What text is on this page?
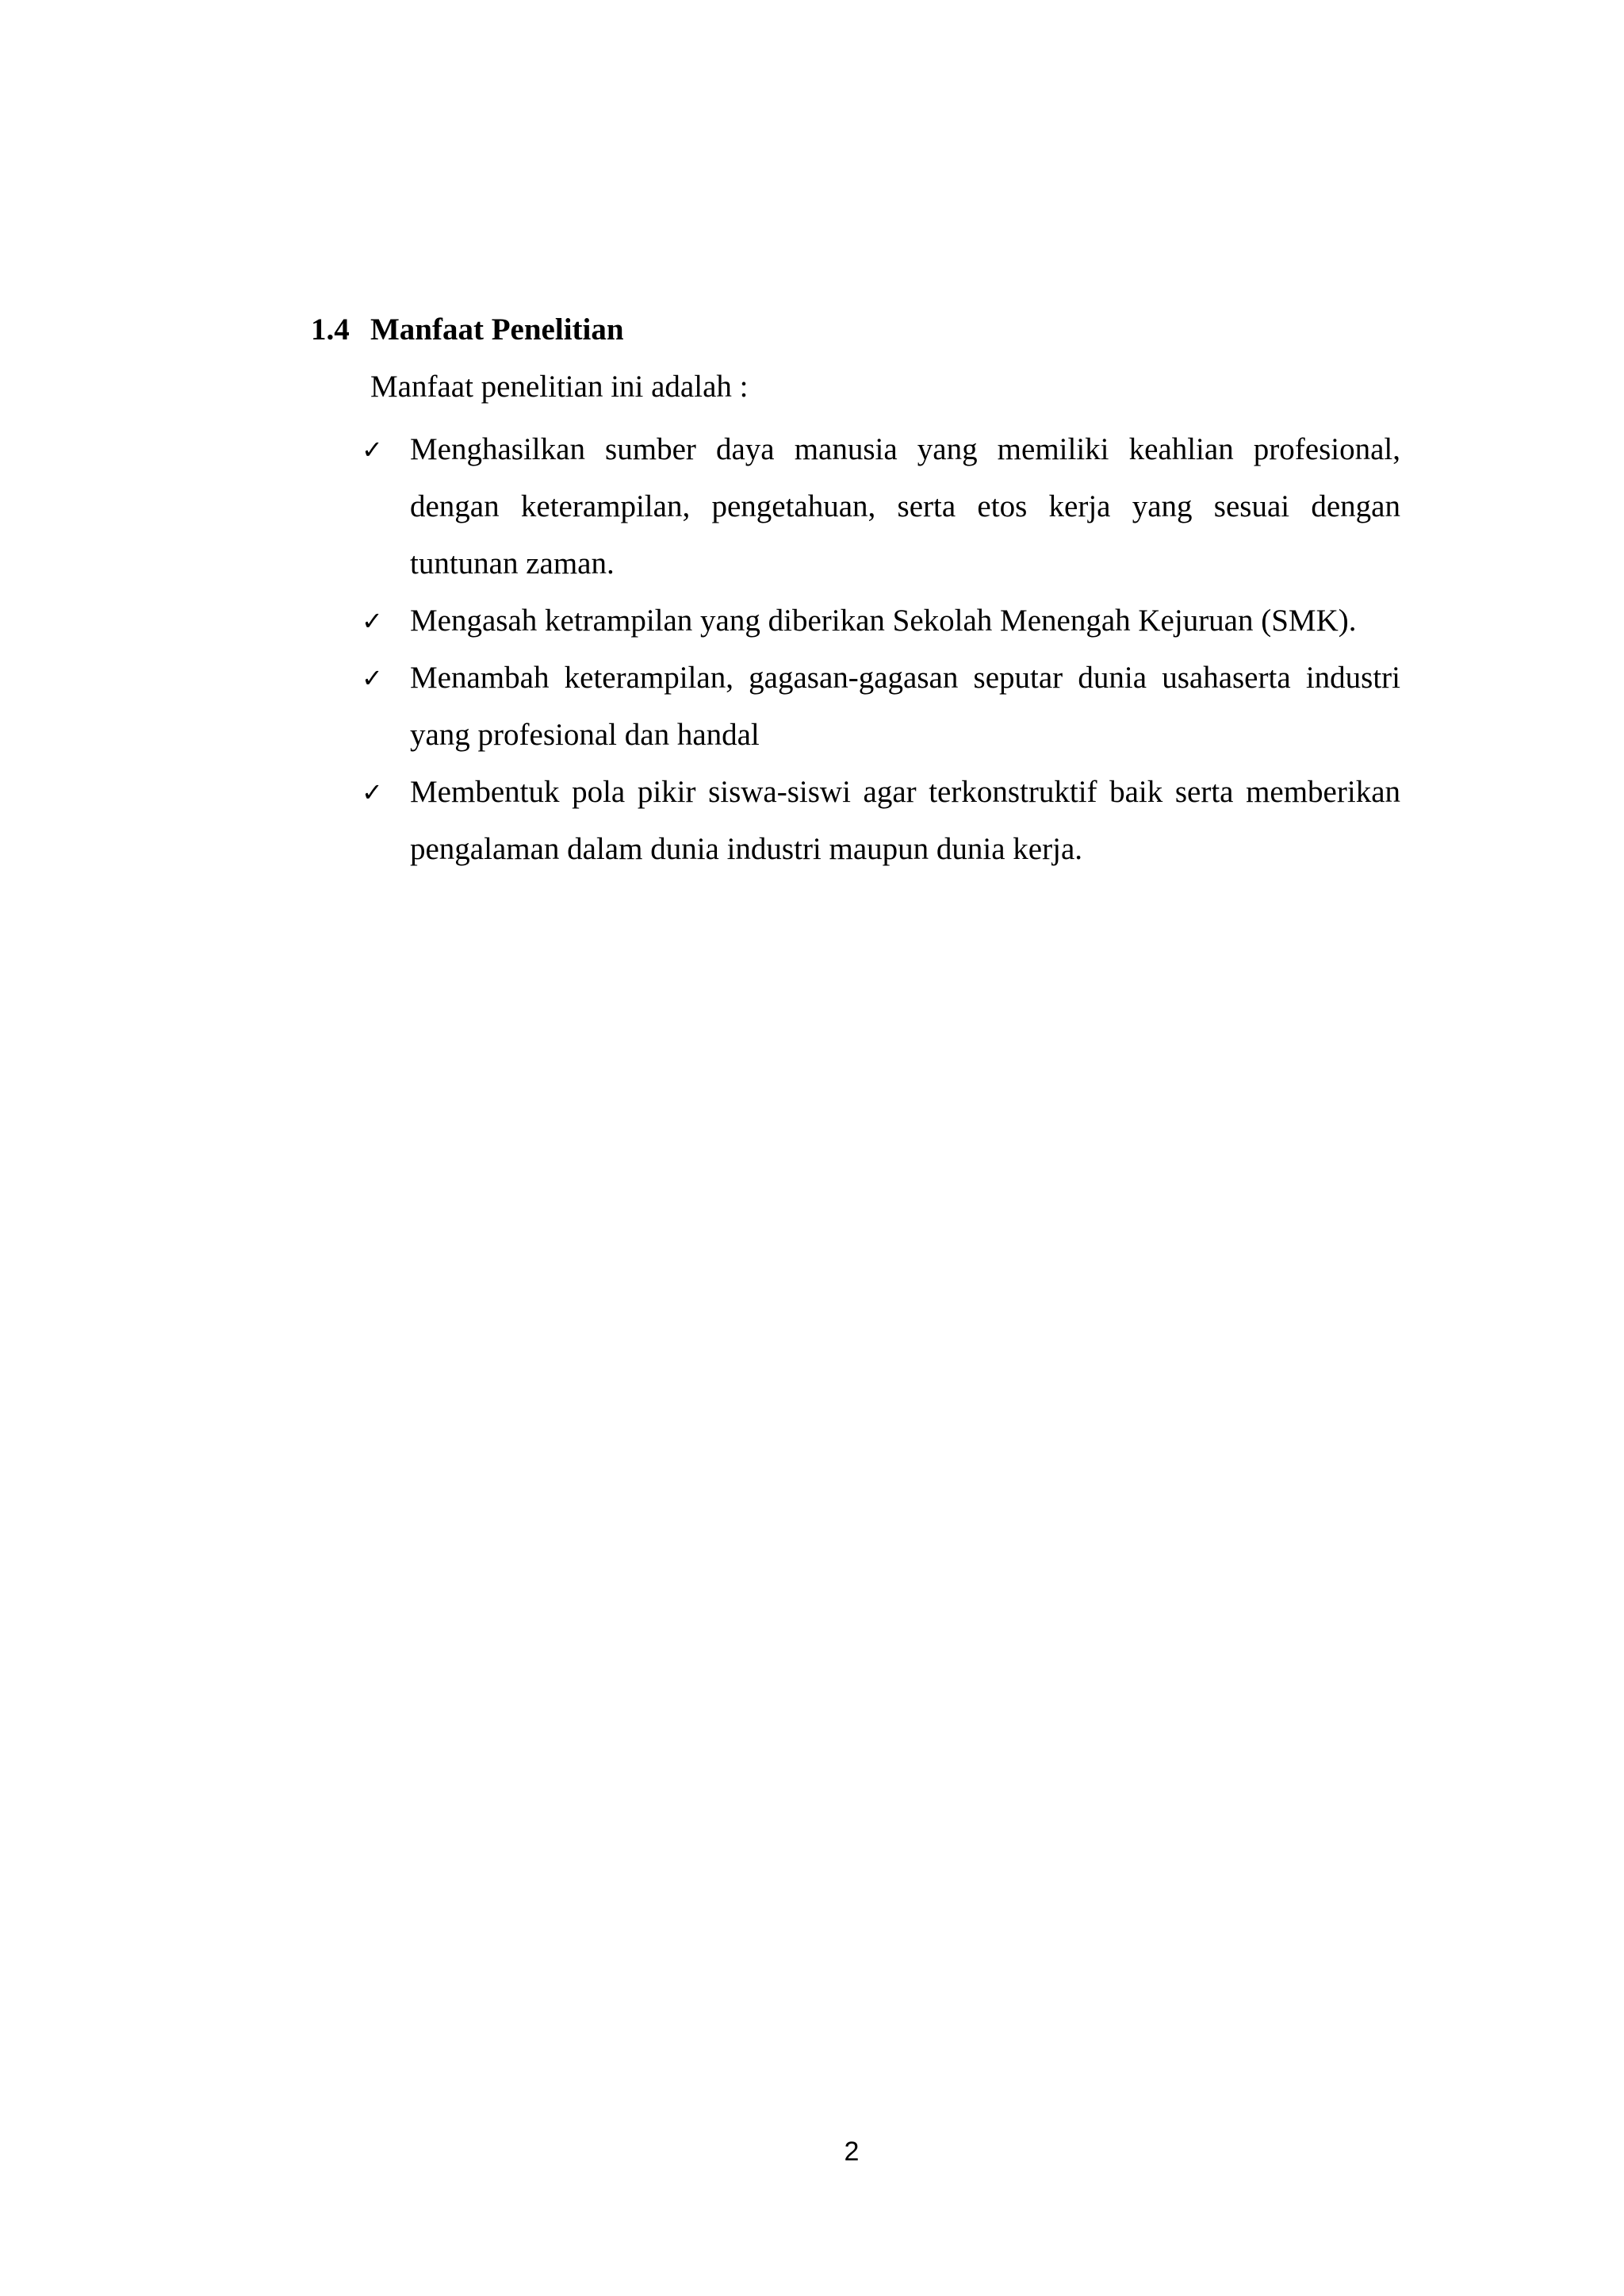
1.4 Manfaat Penelitian
Manfaat penelitian ini adalah :
✓ Menghasilkan sumber daya manusia yang memiliki keahlian profesional, dengan keterampilan, pengetahuan, serta etos kerja yang sesuai dengan tuntunan zaman.
✓ Mengasah ketrampilan yang diberikan Sekolah Menengah Kejuruan (SMK).
✓ Menambah keterampilan, gagasan-gagasan seputar dunia usahaserta industri yang profesional dan handal
✓ Membentuk pola pikir siswa-siswi agar terkonstruktif baik serta memberikan pengalaman dalam dunia industri maupun dunia kerja.
2
